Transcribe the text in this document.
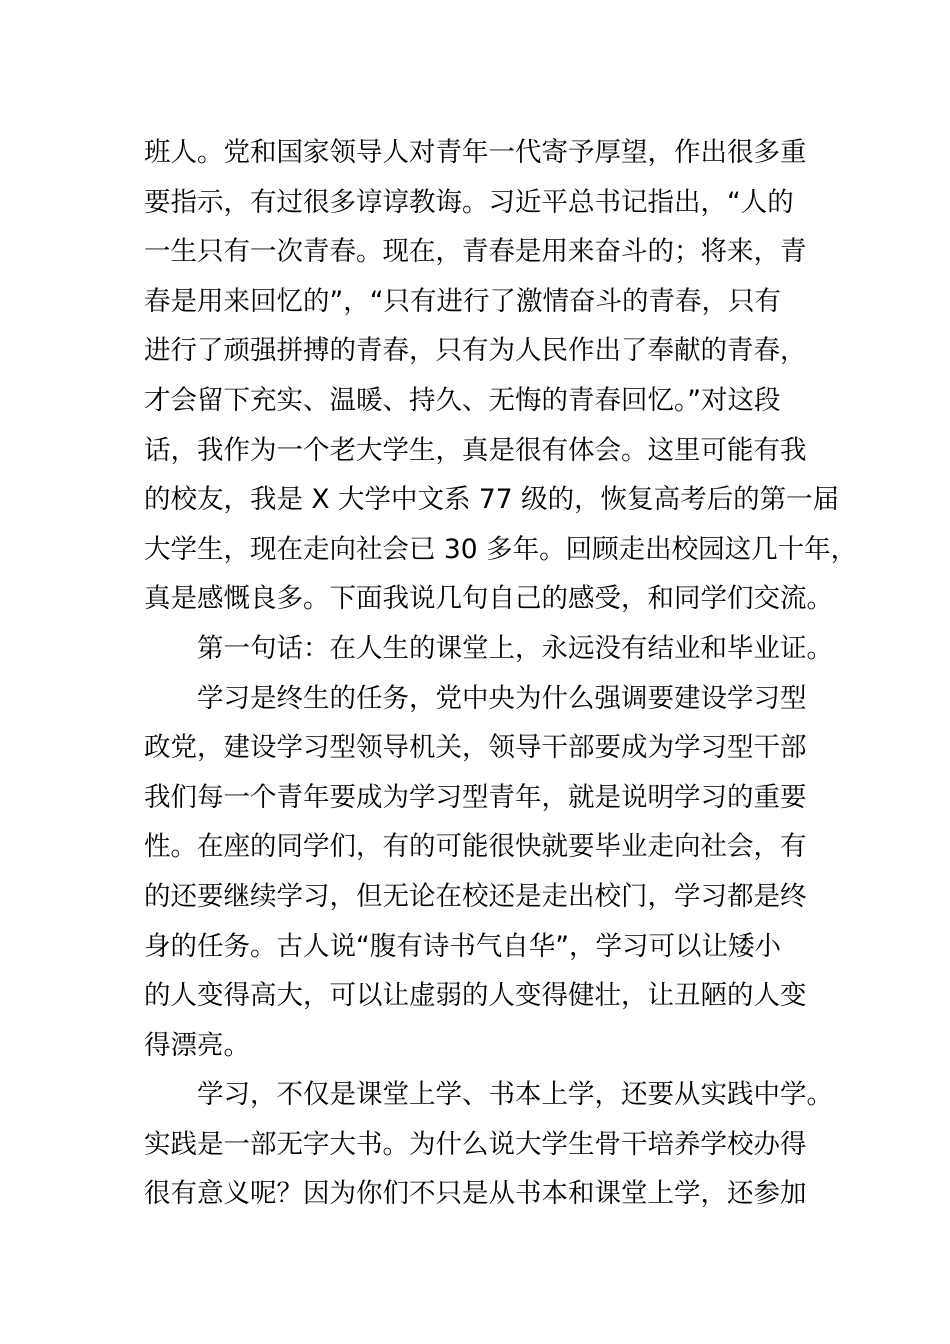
班人。党和国家领导人对青年一代寄予厚望，作出很多重
要指示，有过很多谆谆教诲。习近平总书记指出，“人的
一生只有一次青春。现在，青春是用来奋斗的；将来，青
春是用来回忆的”，“只有进行了激情奋斗的青春，只有
进行了顽强拼搏的青春，只有为人民作出了奉献的青春，
才会留下充实、温暖、持久、无悔的青春回忆。”对这段
话，我作为一个老大学生，真是很有体会。这里可能有我
的校友，我是 X 大学中文系 77 级的，恢复高考后的第一届
大学生，现在走向社会已 30 多年。回顾走出校园这几十年，
真是感慨良多。下面我说几句自己的感受，和同学们交流。
第一句话：在人生的课堂上，永远没有结业和毕业证。
学习是终生的任务，党中央为什么强调要建设学习型
政党，建设学习型领导机关，领导干部要成为学习型干部
我们每一个青年要成为学习型青年，就是说明学习的重要
性。在座的同学们，有的可能很快就要毕业走向社会，有
的还要继续学习，但无论在校还是走出校门，学习都是终
身的任务。古人说“腹有诗书气自华”，学习可以让矮小
的人变得高大，可以让虚弱的人变得健壮，让丑陋的人变
得漂亮。
学习，不仅是课堂上学、书本上学，还要从实践中学。
实践是一部无字大书。为什么说大学生骨干培养学校办得
很有意义呢？因为你们不只是从书本和课堂上学，还参加
